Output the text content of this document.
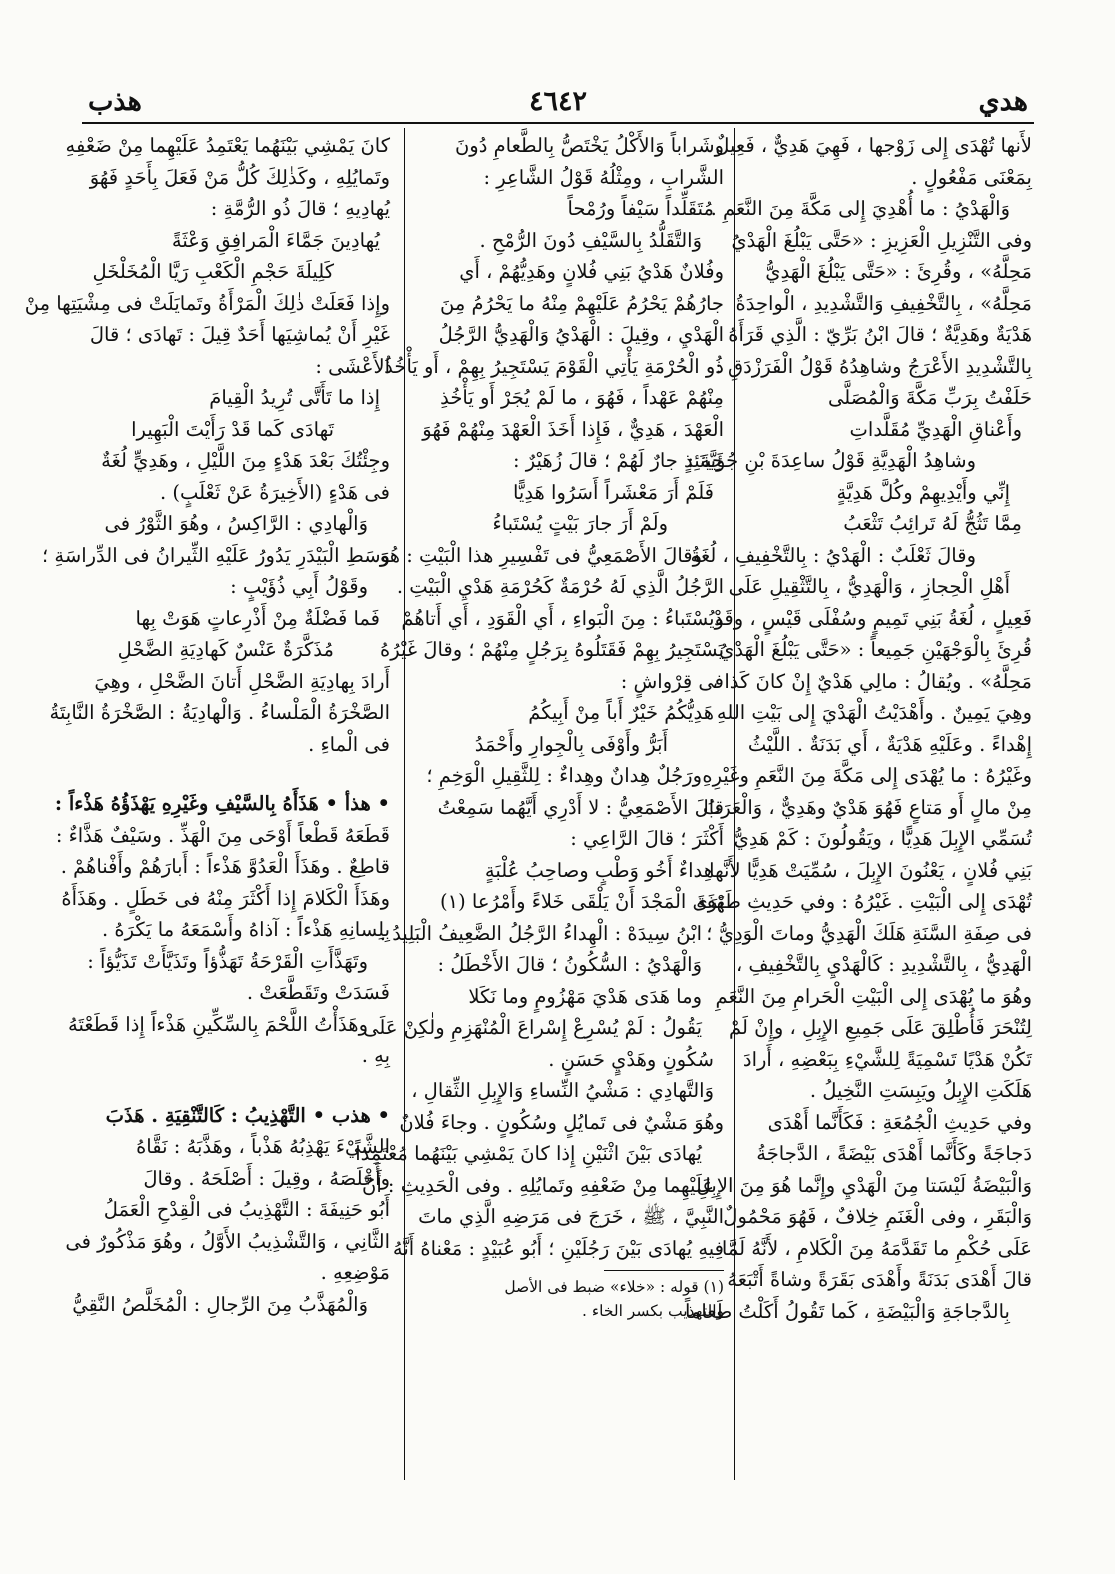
هدي
٤٦٤٢
هذب
لأَنها تُهْدَى إِلى زَوْجها ، فَهِيَ هَدِيٌّ ، فَعِيلٌ
بِمَعْنَى مَفْعُولٍ .
وَالْهَدْيُ : ما أُهْدِيَ إِلى مَكَّةَ مِنَ النَّعَمِ .
وفى التَّنْزِيلِ الْعَزِيزِ : «حَتَّى يَبْلُغَ الْهَدْيُ
مَحِلَّهُ» ، وقُرِئَ : «حَتَّى يَبْلُغَ الْهَدِيُّ
مَحِلَّهُ» ، بِالتَّخْفِيفِ وَالتَّشْدِيدِ ، الْواحِدَةُ
هَدْيَةٌ وهَدِيَّةٌ ؛ قالَ ابْنُ بَرِّيّ : الَّذِي قَرَأَهُ
بِالتَّشْدِيدِ الأَعْرَجُ وشاهِدُهُ قَوْلُ الْفَرَزْدَقِ :
حَلَفْتُ بِرَبِّ مَكَّةَ وَالْمُصَلَّى
وأَعْناقِ الْهَدِيِّ مُقَلَّداتِ
وشاهِدُ الْهَدِيَّةِ قَوْلُ ساعِدَةَ بْنِ جُؤَيَّةَ :
إِنِّي وأَيْدِيهِمْ وكُلَّ هَدِيَّةٍ
مِمَّا تَثُجُّ لَهُ تَرائِبُ تَثْعَبُ
وقالَ ثَعْلَبٌ : الْهَدْيُ : بِالتَّخْفِيفِ ، لُغَةُ
أَهْلِ الْحِجازِ ، وَالْهَدِيُّ ، بِالتَّثْقِيلِ عَلَى
فَعِيلٍ ، لُغَةُ بَنِي تَمِيمٍ وسُفْلَى قَيْسٍ ، وقَدْ
قُرِئَ بِالْوَجْهَيْنِ جَمِيعاً : «حَتَّى يَبْلُغَ الْهَدْيُ
مَحِلَّهُ» . ويُقالُ : مالِي هَدْيٌ إِنْ كانَ كَذا ،
وهِيَ يَمِينٌ . وأَهْدَيْتُ الْهَدْيَ إِلى بَيْتِ اللهِ
إِهْداءً . وعَلَيْهِ هَدْيَةٌ ، أَي بَدَنَةٌ . اللَّيْثُ
وغَيْرُهُ : ما يُهْدَى إِلى مَكَّةَ مِنَ النَّعَمِ وغَيْرِهِ
مِنْ مالٍ أَو مَتاعٍ فَهُوَ هَدْيٌ وهَدِيٌّ ، وَالْعَرَبُ
تُسَمِّي الإِبِلَ هَدِيًّا ، ويَقُولُونَ : كَمْ هَدِيُّ
بَنِي فُلانٍ ، يَعْنُونَ الإِبِلَ ، سُمِّيَتْ هَدِيًّا لأَنَّها
تُهْدَى إِلى الْبَيْتِ . غَيْرُهُ : وفي حَدِيثِ طَهْفَةَ
فى صِفَةِ السَّنَةِ هَلَكَ الْهَدِيُّ وماتَ الْوَدِيُّ ؛
الْهَدِيُّ ، بِالتَّشْدِيدِ : كَالْهَدْيِ بِالتَّخْفِيفِ ،
وهُوَ ما يُهْدَى إِلى الْبَيْتِ الْحَرامِ مِنَ النَّعَمِ
لِتُنْحَرَ فَأُطْلِقَ عَلَى جَمِيعِ الإِبِلِ ، وإِنْ لَمْ
تَكُنْ هَدْيًا تَسْمِيَةً لِلشَّيْءِ بِبَعْضِهِ ، أَرادَ
هَلَكَتِ الإِبِلُ ويَبِسَتِ النَّخِيلُ .
وفي حَدِيثِ الْجُمُعَةِ : فَكَأَنَّما أَهْدَى
دَجاجَةً وكَأَنَّما أَهْدَى بَيْضَةً ، الدَّجاجَةُ
وَالْبَيْضَةُ لَيْسَتا مِنَ الْهَدْيِ وإِنَّما هُوَ مِنَ الإِبِلِ
وَالْبَقَرِ ، وفى الْغَنَمِ خِلافٌ ، فَهُوَ مَحْمُولٌ
عَلَى حُكْمِ ما تَقَدَّمَهُ مِنَ الْكَلامِ ، لأَنَّهُ لَمَّا
قالَ أَهْدَى بَدَنَةً وأَهْدَى بَقَرَةً وشاةً أَتْبَعَهُ
بِالدَّجاجَةِ وَالْبَيْضَةِ ، كَما تَقُولُ أَكَلْتُ طَعاماً
وشَراباً وَالأَكْلُ يَخْتَصُّ بِالطَّعامِ دُونَ
الشَّرابِ ، ومِثْلُهُ قَوْلُ الشَّاعِرِ :
مُتَقَلِّداً سَيْفاً ورُمْحاً
وَالتَّقَلُّدُ بِالسَّيْفِ دُونَ الرُّمْحِ .
وفُلانٌ هَدْيُ بَنِي فُلانٍ وهَدِيُّهُمْ ، أَي
جارُهُمْ يَحْرُمُ عَلَيْهِمْ مِنْهُ ما يَحْرُمُ مِنَ
الْهَدْيِ ، وقِيلَ : الْهَدْيُ وَالْهَدِيُّ الرَّجُلُ
ذُو الْحُرْمَةِ يَأْتِي الْقَوْمَ يَسْتَجِيرُ بِهِمْ ، أَو يَأْخُذُ
مِنْهُمْ عَهْداً ، فَهُوَ ، ما لَمْ يُجَرْ أَو يَأْخُذِ
الْعَهْدَ ، هَدِيٌّ ، فَإِذا أَخَذَ الْعَهْدَ مِنْهُمْ فَهُوَ
حِينَئِذٍ جارٌ لَهُمْ ؛ قالَ زُهَيْرٌ :
فَلَمْ أَرَ مَعْشَراً أَسَرُوا هَدِيًّا
ولَمْ أَرَ جارَ بَيْتٍ يُسْتَباءُ
وقالَ الأَصْمَعِيُّ فى تَفْسِيرِ هذا الْبَيْتِ : هُوَ
الرَّجُلُ الَّذِي لَهُ حُرْمَةٌ كَحُرْمَةِ هَدْيِ الْبَيْتِ .
ويُسْتَباءُ : مِنَ الْبَواءِ ، أَي الْقَوَدِ ، أَي أَتاهُمْ
يَسْتَجِيرُ بِهِمْ فَقَتَلُوهُ بِرَجُلٍ مِنْهُمْ ؛ وقالَ غَيْرُهُ
فى قِرْواشٍ :
هَدِيُّكُمُ خَيْرٌ أَباً مِنْ أَبِيكُمُ
أَبَرُّ وأَوْفَى بِالْجِوارِ وأَحْمَدُ
ورَجُلٌ هِدانٌ وهِداءٌ : لِلثَّقِيلِ الْوَخِمِ ؛
قالَ الأَصْمَعِيُّ : لا أَدْرِي أَيَّهُما سَمِعْتُ
أَكْثَرَ ؛ قالَ الرَّاعِي :
هِداءٌ أَخُو وَطْبٍ وصاحِبُ عُلْبَةٍ
يَرَى الْمَجْدَ أَنْ يَلْقَى خَلاءً وأَمْرُعا (١)
ابْنُ سِيدَهْ : الْهِداءُ الرَّجُلُ الضَّعِيفُ الْبَلِيدُ .
وَالْهَدْيُ : السُّكُونُ ؛ قالَ الأَخْطَلُ :
وما هَدَى هَدْيَ مَهْزُومٍ وما نَكَلا
يَقُولُ : لَمْ يُسْرِعْ إِسْراعَ الْمُنْهَزِمِ ولٰكِنْ عَلَى
سُكُونٍ وهَدْيٍ حَسَنٍ .
وَالتَّهادِي : مَشْيُ النِّساءِ وَالإِبِلِ الثِّقالِ ،
وهُوَ مَشْيٌ فى تَمايُلٍ وسُكُونٍ . وجاءَ فُلانٌ
يُهادَى بَيْنَ اثْنَيْنِ إِذا كانَ يَمْشِي بَيْنَهُما مُعْتَمِداً
عَلَيْهِما مِنْ ضَعْفِهِ وتَمايُلِهِ . وفى الْحَدِيثِ : أَنَّ
النَّبِيَّ ، ﷺ ، خَرَجَ فى مَرَضِهِ الَّذِي ماتَ
فِيهِ يُهادَى بَيْنَ رَجُلَيْنِ ؛ أَبُو عُبَيْدٍ : مَعْناهُ أَنَّهُ
(١) قوله : «خلاء» ضبط فى الأصل
والتهذيب بكسر الخاء .
كانَ يَمْشِي بَيْنَهُما يَعْتَمِدُ عَلَيْهِما مِنْ ضَعْفِهِ
وتَمايُلِهِ ، وكَذٰلِكَ كُلُّ مَنْ فَعَلَ بِأَحَدٍ فَهُوَ
يُهادِيهِ ؛ قالَ ذُو الرُّمَّةِ :
يُهادِينَ جَمَّاءَ الْمَرافِقِ وَعْثَةً
كَلِيلَةَ حَجْمِ الْكَعْبِ رَيَّا الْمُخَلْخَلِ
وإِذا فَعَلَتْ ذٰلِكَ الْمَرْأَةُ وتَمايَلَتْ فى مِشْيَتِها مِنْ
غَيْرِ أَنْ يُماشِيَها أَحَدٌ قِيلَ : تَهادَى ؛ قالَ
الأَعْشَى :
إِذا ما تَأَتَّى تُرِيدُ الْقِيامَ
تَهادَى كَما قَدْ رَأَيْتَ الْبَهِيرا
وجِئْتُكَ بَعْدَ هَدْءٍ مِنَ اللَّيْلِ ، وهَدِيٍّ لُغَةٌ
فى هَدْءٍ (الأَخِيرَةُ عَنْ ثَعْلَبٍ) .
وَالْهادِي : الرَّاكِسُ ، وهُوَ الثَّوْرُ فى
وَسَطِ الْبَيْدَرِ يَدُورُ عَلَيْهِ الثِّيرانُ فى الدِّراسَةِ ؛
وقَوْلُ أَبِي ذُؤَيْبٍ :
فَما فَضْلَةٌ مِنْ أَذْرِعاتٍ هَوَتْ بِها
مُذَكَّرَةٌ عَنْسٌ كَهادِيَةِ الضَّحْلِ
أَرادَ بِهادِيَةِ الضَّحْلِ أَتانَ الضَّحْلِ ، وهِيَ
الصَّخْرَةُ الْمَلْساءُ . وَالْهادِيَةُ : الصَّخْرَةُ النَّابِتَةُ
فى الْماءِ .
• هذأ • هَذَأَهُ بِالسَّيْفِ وغَيْرِهِ يَهْذَؤُهُ هَذْءاً :
قَطَعَهُ قَطْعاً أَوْحَى مِنَ الْهَذِّ . وسَيْفٌ هَذَّاءٌ :
قاطِعٌ . وهَذَأَ الْعَدُوَّ هَذْءاً : أَبارَهُمْ وأَفْناهُمْ .
وهَذَأَ الْكَلامَ إِذا أَكْثَرَ مِنْهُ فى خَطَلٍ . وهَذَأَهُ
بِلِسانِهِ هَذْءاً : آذاهُ وأَسْمَعَهُ ما يَكْرَهُ .
وتَهَذَّأَتِ الْقَرْحَةُ تَهَذُّؤاً وتَذَيَّأَتْ تَذَيُّؤاً :
فَسَدَتْ وتَقَطَّعَتْ .
وهَذَأْتُ اللَّحْمَ بِالسِّكِّينِ هَذْءاً إِذا قَطَعْتَهُ
بِهِ .
• هذب • التَّهْذِيبُ : كَالتَّنْقِيَةِ . هَذَبَ
الشَّيْءَ يَهْذِبُهُ هَذْباً ، وهَذَّبَهُ : نَقَّاهُ
وأَخْلَصَهُ ، وقِيلَ : أَصْلَحَهُ . وقالَ
أَبُو حَنِيفَةَ : التَّهْذِيبُ فى الْقِدْحِ الْعَمَلُ
الثَّانِي ، وَالتَّشْذِيبُ الأَوَّلُ ، وهُوَ مَذْكُورٌ فى
مَوْضِعِهِ .
وَالْمُهَذَّبُ مِنَ الرِّجالِ : الْمُخَلَّصُ النَّقِيُّ
